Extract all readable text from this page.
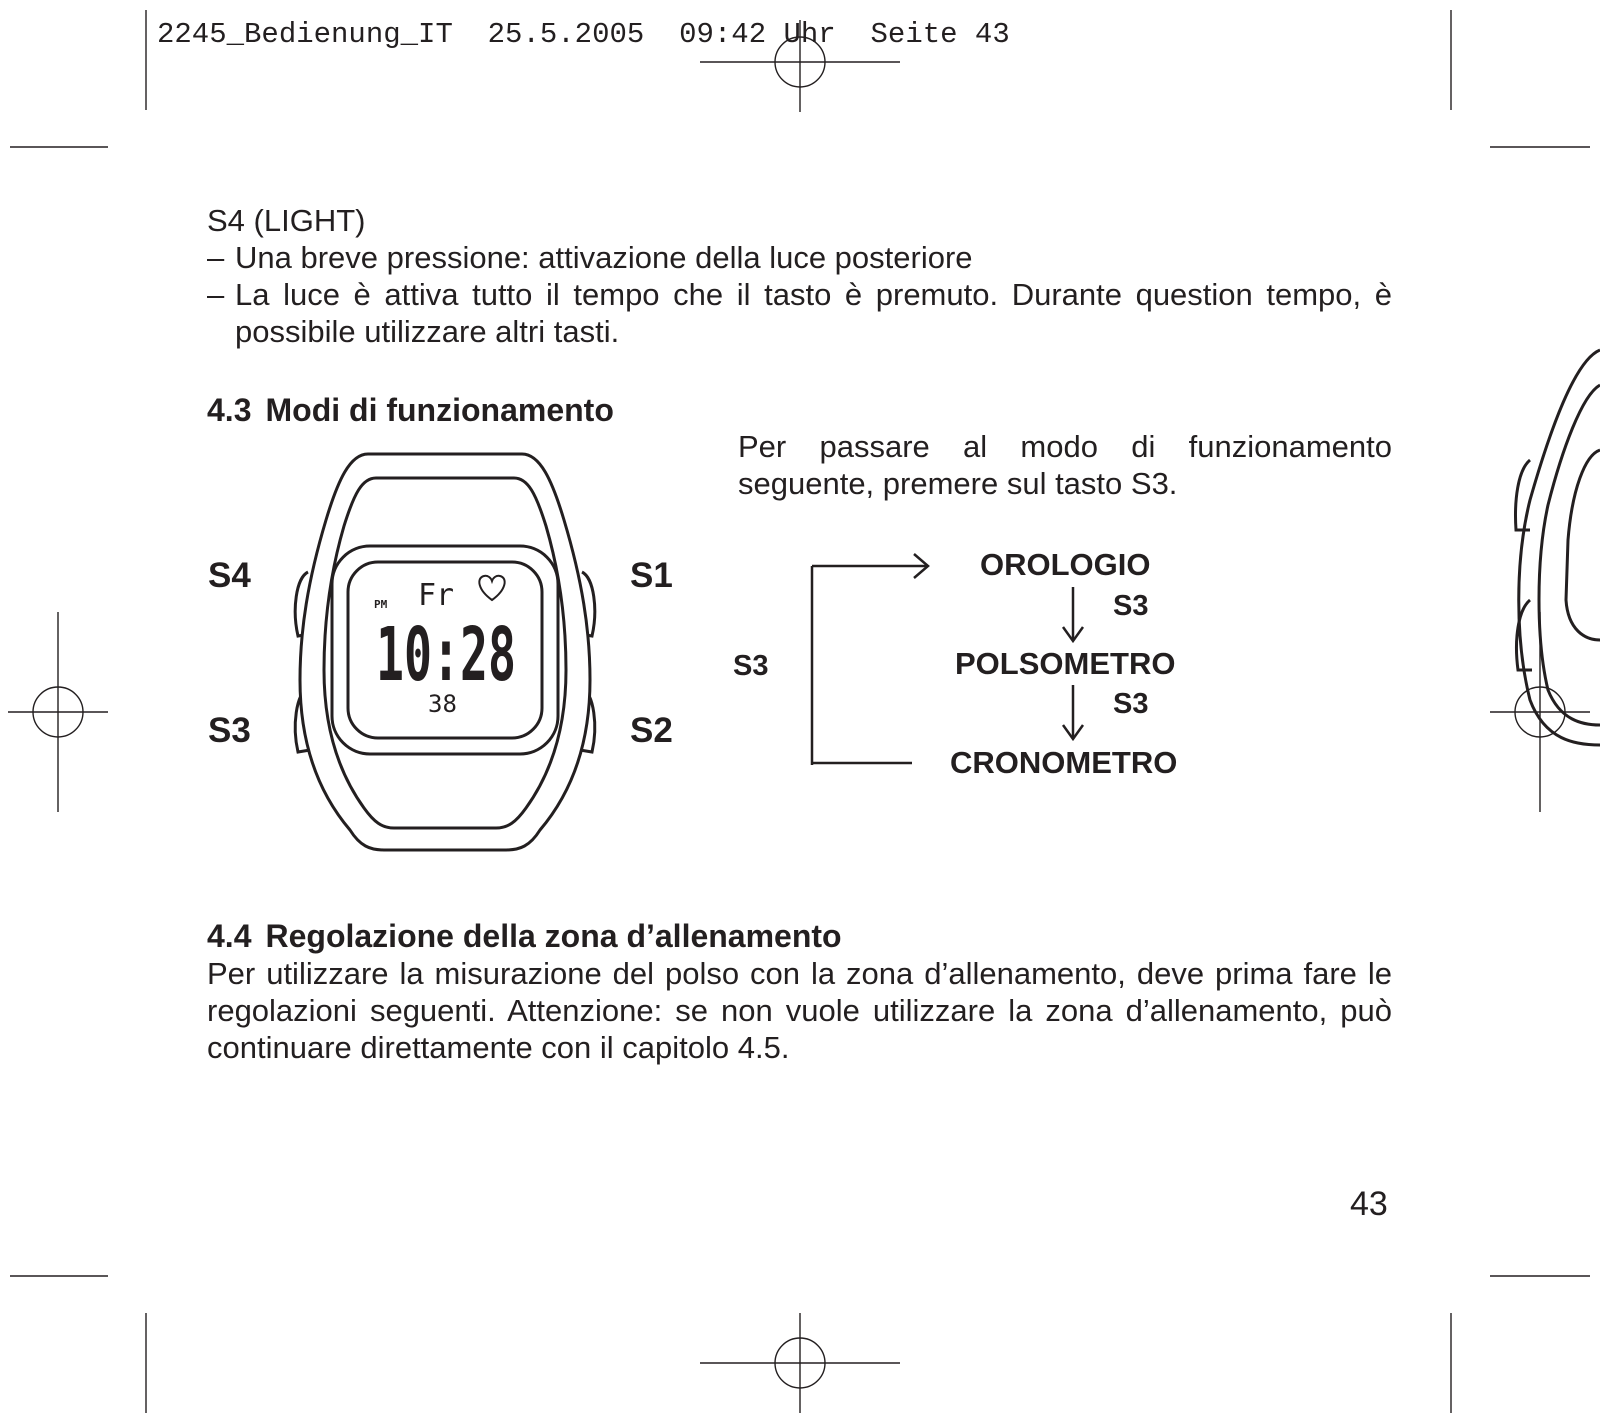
2245_Bedienung_IT  25.5.2005  09:42 Uhr  Seite 43

S4 (LIGHT)

– Una breve pressione: attivazione della luce posteriore

– La luce è attiva tutto il tempo che il tasto è premuto. Durante question tempo, è possibile utilizzare altri tasti.

4.3 Modi di funzionamento

Per passare al modo di funzionamento seguente, premere sul tasto S3.

PM Fr
10:28
38
S4	S1
S3	S2
S3
OROLOGIO
S3
POLSOMETRO
S3
CRONOMETRO

4.4 Regolazione della zona d’allenamento

Per utilizzare la misurazione del polso con la zona d’allenamento, deve prima fare le regolazioni seguenti. Attenzione: se non vuole utilizzare la zona d’allenamento, può continuare direttamente con il capitolo 4.5.

43
